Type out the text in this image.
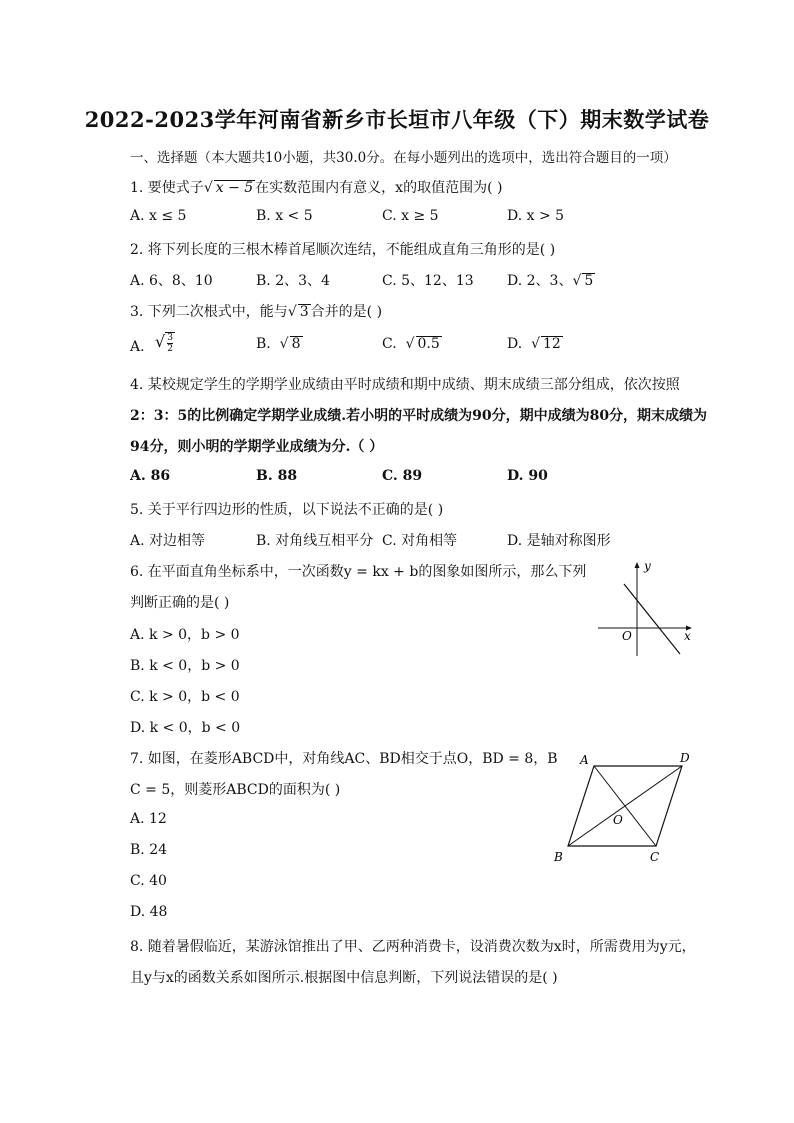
2022-2023学年河南省新乡市长垣市八年级（下）期末数学试卷
一、选择题（本大题共10小题，共30.0分。在每小题列出的选项中，选出符合题目的一项）
1. 要使式子√ x − 5 在实数范围内有意义，x的取值范围为( )
A. x ≤ 5	B. x < 5	C. x ≥ 5	D. x > 5
2. 将下列长度的三根木棒首尾顺次连结，不能组成直角三角形的是( )
A. 6、8、10	B. 2、3、4	C. 5、12、13 D. 2、3、√ 5
3. 下列二次根式中，能与√ 3 合并的是( )
A. √ $\frac{3}{2}$	B. √ 8	C. √ 0.5	D. √ 12
4. 某校规定学生的学期学业成绩由平时成绩和期中成绩、期末成绩三部分组成，依次按照
2：3：5的比例确定学期学业成绩.若小明的平时成绩为90分，期中成绩为80分，期末成绩为
94分，则小明的学期学业成绩为分.（ ）
A. 86	B. 88	C. 89	D. 90
5. 关于平行四边形的性质，以下说法不正确的是( )
A. 对边相等	B. 对角线互相平分 C. 对角相等	D. 是轴对称图形
6. 在平面直角坐标系中，一次函数y = kx + b的图象如图所示，那么下列
判断正确的是( )
A. k > 0，b > 0
B. k < 0，b > 0
C. k > 0，b < 0
D. k < 0，b < 0
y
x
O
7. 如图，在菱形ABCD中，对角线AC、BD相交于点O，BD = 8，B
C = 5，则菱形ABCD的面积为( )
A. 12
B. 24
C. 40
D. 48
A	D
B	C
O
8. 随着暑假临近，某游泳馆推出了甲、乙两种消费卡，设消费次数为x时，所需费用为y元，
且y与x的函数关系如图所示.根据图中信息判断，下列说法错误的是( )
